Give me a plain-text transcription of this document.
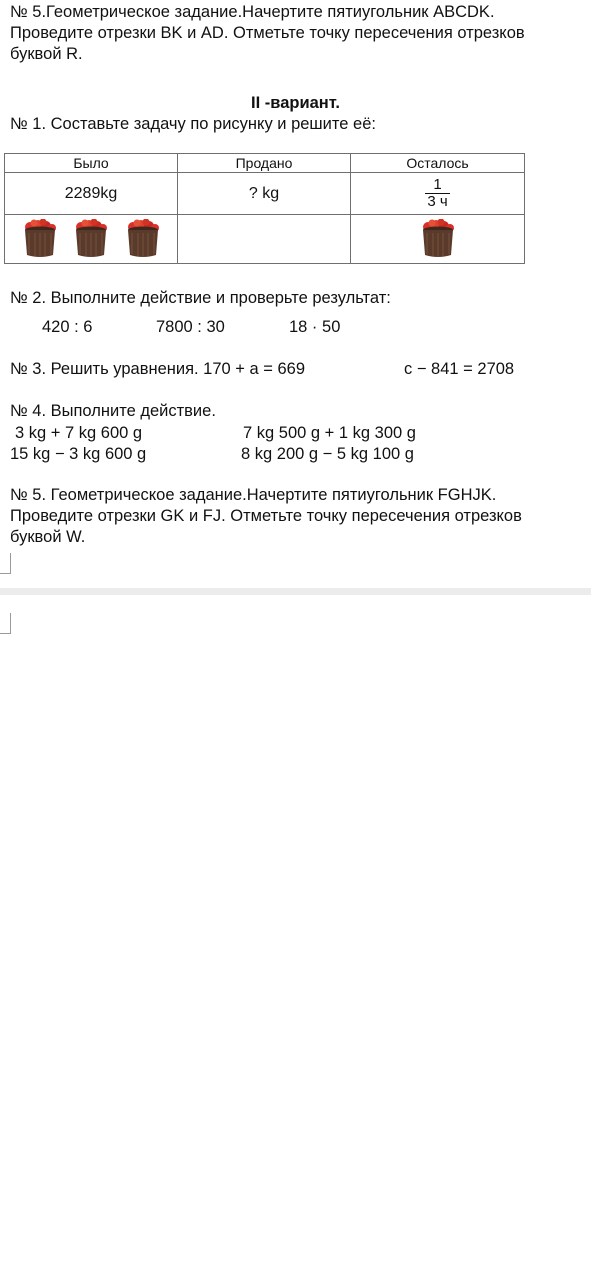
№ 5.Геометрическое задание.Начертите пятиугольник ABCDK.
Проведите отрезки BK и AD. Отметьте точку пересечения отрезков
буквой R.
II -вариант.
№ 1. Составьте задачу по рисунку и решите её:
Было	Продано	Осталось
2289kg	? kg	$\frac{1}{3 ч}$

№ 2. Выполните действие и проверьте результат:
420 : 6	7800 : 30	18 · 50
№ 3. Решить уравнения. 170 + а = 669	с − 841 = 2708
№ 4. Выполните действие.
3 kg + 7 kg 600 g	7 kg 500 g + 1 kg 300 g
15 kg − 3 kg 600 g	8 kg 200 g − 5 kg 100 g
№ 5. Геометрическое задание.Начертите пятиугольник FGHJK.
Проведите отрезки GK и FJ. Отметьте точку пересечения отрезков
буквой W.
